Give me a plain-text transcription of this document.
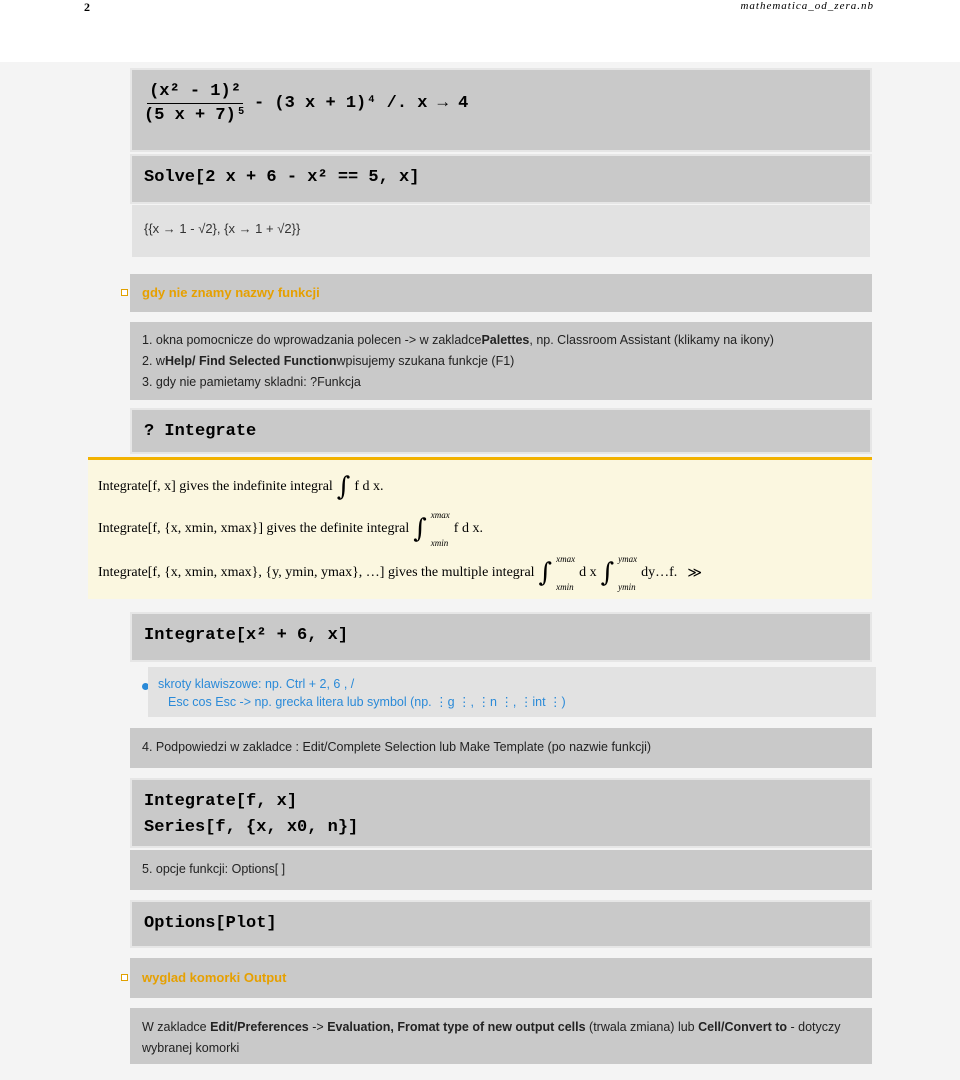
2	mathematica_od_zera.nb
$\frac{\text{(x² - 1)²}}{\text{(5 x + 7)⁵}} - (3$ x + 1)⁴ /. x → 4
Solve[2 x + 6 - x² == 5, x]
{{x → 1 - √2}, {x → 1 + √2}}
gdy nie znamy nazwy funkcji
1. okna pomocnicze do wprowadzania polecen -> w zakladce Palettes , np. Classroom Assistant (klikamy na ikony)
2. w Help/ Find Selected Function wpisujemy szukana funkcje (F1)
3. gdy nie pamietamy skladni: ?Funkcja
? Integrate
Integrate[f, x] gives the indefinite integral ∫ f d x.
Integrate[f, {x, xmin, xmax}] gives the definite integral ∫ xmax
xmin
f d x.
Integrate[f, {x, xmin, xmax}, {y, ymin, ymax}, …] gives the multiple integral ∫ xmax
xmin
d x ∫ ymax
ymin
dy…f. ≫
Integrate[x² + 6, x]
skroty klawiszowe: np. Ctrl + 2, 6 , /
Esc cos Esc -> np. grecka litera lub symbol (np. ⋮g ⋮, ⋮n ⋮, ⋮int ⋮)
4. Podpowiedzi w zakladce : Edit/Complete Selection lub Make Template (po nazwie funkcji)
Integrate[f, x]
Series[f, {x, x0, n}]
5. opcje funkcji: Options[ ]
Options[Plot]
wyglad komorki Output
W zakladce Edit/Preferences -> Evaluation, Fromat type of new output cells (trwala zmiana) lub Cell/Convert to - dotyczy wybranej komorki
